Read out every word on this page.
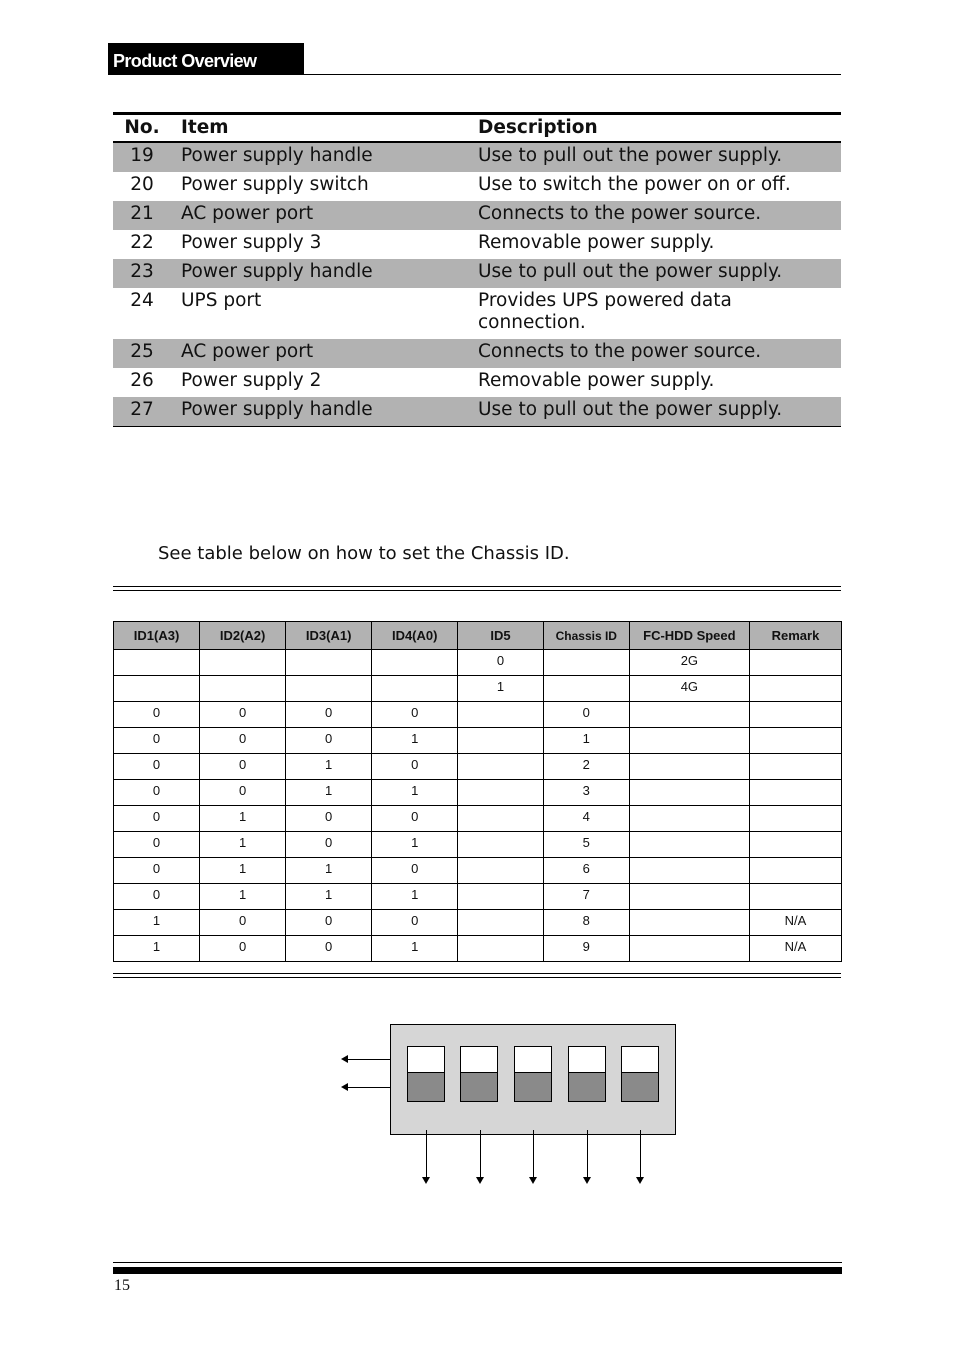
Product Overview
No.	Item	Description
19	Power supply handle	Use to pull out the power supply.
20	Power supply switch	Use to switch the power on or off.
21	AC power port	Connects to the power source.
22	Power supply 3	Removable power supply.
23	Power supply handle	Use to pull out the power supply.
24	UPS port	Provides UPS powered data connection.
25	AC power port	Connects to the power source.
26	Power supply 2	Removable power supply.
27	Power supply handle	Use to pull out the power supply.
See table below on how to set the Chassis ID.
ID1(A3)	ID2(A2)	ID3(A1)	ID4(A0)	ID5	Chassis ID	FC-HDD Speed	Remark
				0		2G	
				1		4G	
0	0	0	0		0		
0	0	0	1		1		
0	0	1	0		2		
0	0	1	1		3		
0	1	0	0		4		
0	1	0	1		5		
0	1	1	0		6		
0	1	1	1		7		
1	0	0	0		8		N/A
1	0	0	1		9		N/A
15
